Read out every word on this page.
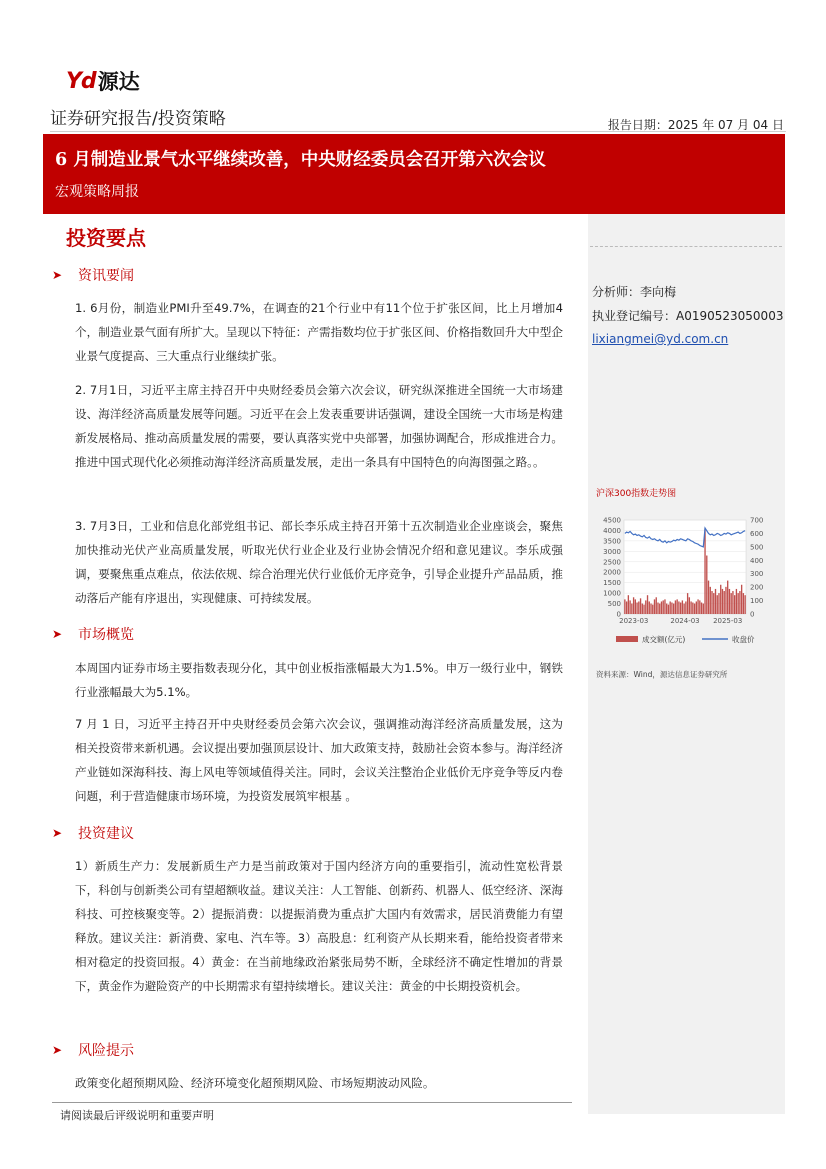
Yd 源达
证券研究报告/投资策略	报告日期：2025 年 07 月 04 日
6 月制造业景气水平继续改善，中央财经委员会召开第六次会议
宏观策略周报
投资要点
➤	资讯要闻
1. 6月份，制造业PMI升至49.7%，在调查的21个行业中有11个位于扩张区间，比上月增加4个，制造业景气面有所扩大。呈现以下特征：产需指数均位于扩张区间、价格指数回升大中型企业景气度提高、三大重点行业继续扩张。
2. 7月1日，习近平主席主持召开中央财经委员会第六次会议，研究纵深推进全国统一大市场建设、海洋经济高质量发展等问题。习近平在会上发表重要讲话强调，建设全国统一大市场是构建新发展格局、推动高质量发展的需要，要认真落实党中央部署，加强协调配合，形成推进合力。推进中国式现代化必须推动海洋经济高质量发展，走出一条具有中国特色的向海图强之路。。
3. 7月3日，工业和信息化部党组书记、部长李乐成主持召开第十五次制造业企业座谈会，聚焦加快推动光伏产业高质量发展，听取光伏行业企业及行业协会情况介绍和意见建议。李乐成强调，要聚焦重点难点，依法依规、综合治理光伏行业低价无序竞争，引导企业提升产品品质，推动落后产能有序退出，实现健康、可持续发展。
➤	市场概览
本周国内证券市场主要指数表现分化，其中创业板指涨幅最大为1.5%。申万一级行业中，钢铁行业涨幅最大为5.1%。
7 月 1 日，习近平主持召开中央财经委员会第六次会议，强调推动海洋经济高质量发展，这为相关投资带来新机遇。会议提出要加强顶层设计、加大政策支持，鼓励社会资本参与。海洋经济产业链如深海科技、海上风电等领域值得关注。同时，会议关注整治企业低价无序竞争等反内卷问题，利于营造健康市场环境，为投资发展筑牢根基 。
➤	投资建议
1）新质生产力：发展新质生产力是当前政策对于国内经济方向的重要指引，流动性宽松背景下，科创与创新类公司有望超额收益。建议关注：人工智能、创新药、机器人、低空经济、深海科技、可控核聚变等。2）提振消费：以提振消费为重点扩大国内有效需求，居民消费能力有望释放。建议关注：新消费、家电、汽车等。3）高股息：红利资产从长期来看，能给投资者带来相对稳定的投资回报。4）黄金：在当前地缘政治紧张局势不断，全球经济不确定性增加的背景下，黄金作为避险资产的中长期需求有望持续增长。建议关注：黄金的中长期投资机会。
➤	风险提示
政策变化超预期风险、经济环境变化超预期风险、市场短期波动风险。
分析师：李向梅
执业登记编号：A0190523050003
lixiangmei@yd.com.cn
沪深300指数走势图
0
500
1000
1500
2000
2500
3000
3500
4000
4500
0
100
200
300
400
500
600
700
2023-03	2024-03 2025-03
成交额(亿元)	收盘价
资料来源：Wind，源达信息证券研究所
请阅读最后评级说明和重要声明
